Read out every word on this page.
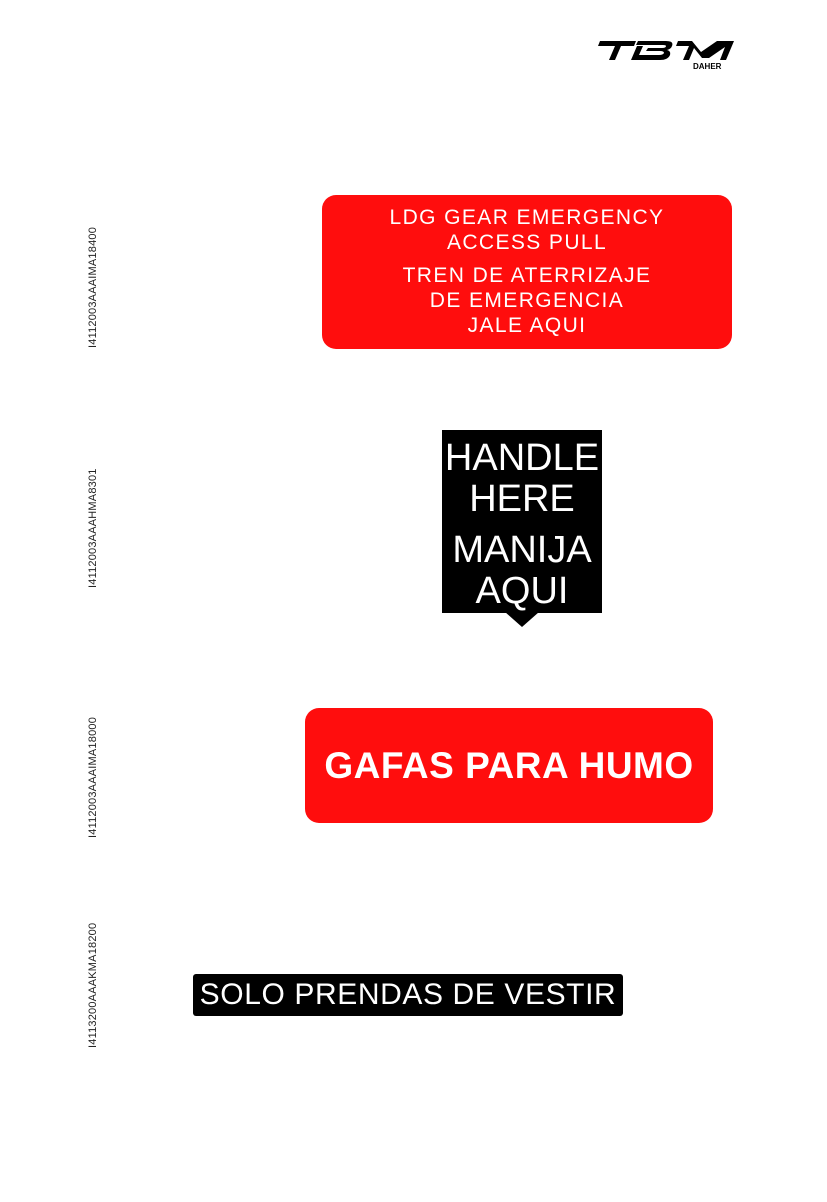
DAHER
I4112003AAAIMA18400
I4112003AAAHMA8301
I4112003AAAIMA18000
I4113200AAAKMA18200
LDG GEAR EMERGENCY
ACCESS PULL
TREN DE ATERRIZAJE
DE EMERGENCIA
JALE AQUI
HANDLE
HERE
MANIJA
AQUI
GAFAS PARA HUMO
SOLO PRENDAS DE VESTIR
